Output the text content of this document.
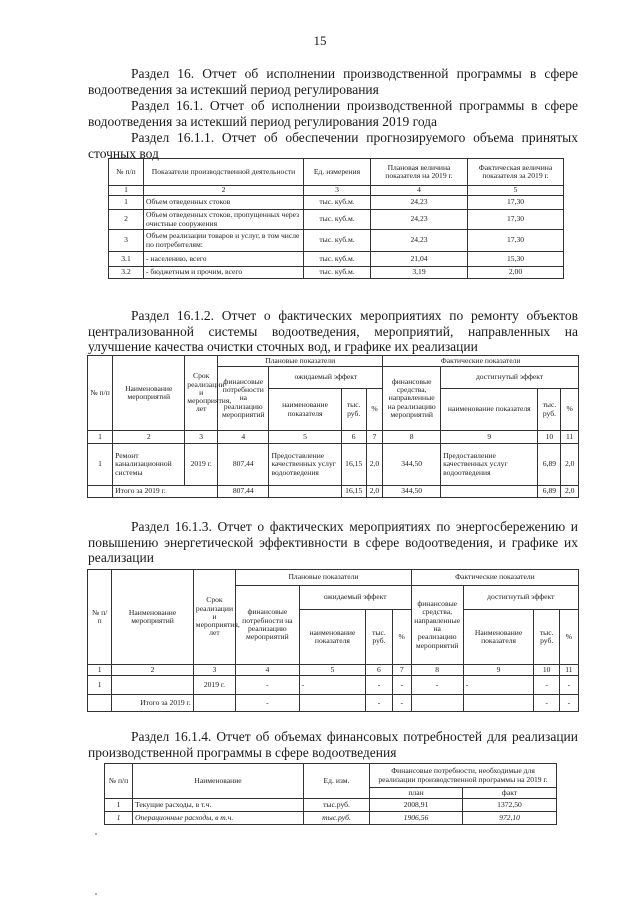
15
Раздел 16. Отчет об исполнении производственной программы в сфере водоотведения за истекший период регулирования
Раздел 16.1. Отчет об исполнении производственной программы в сфере водоотведения за истекший период регулирования 2019 года
Раздел 16.1.1. Отчет об обеспечении прогнозируемого объема принятых сточных вод
№ п/п	Показатели производственной деятельности	Ед. измерения	Плановая величина показателя на 2019 г.	Фактическая величина показателя за 2019 г.
1	2	3	4	5
1	Объем отведенных стоков	тыс. куб.м.	24,23	17,30
2	Объем отведенных стоков, пропущенных через очистные сооружения	тыс. куб.м.	24,23	17,30
3	Объем реализации товаров и услуг, в том числе по потребителям:	тыс. куб.м.	24,23	17,30
3.1	- населению, всего	тыс. куб.м.	21,04	15,30
3.2	- бюджетным и прочим, всего	тыс. куб.м.	3,19	2,00
Раздел 16.1.2. Отчет о фактических мероприятиях по ремонту объектов централизованной системы водоотведения, мероприятий, направленных на улучшение качества очистки сточных вод, и графике их реализации
№ п/п	Наименование мероприятий	Срок реализации и мероприятия, лет	Плановые показатели				Фактические показатели			
			финансовые потребности на реализацию мероприятий	ожидаемый эффект			финансовые средства, направленные на реализацию мероприятий	достигнутый эффект		
				наименование показателя	тыс. руб.	%		наименование показателя	тыс. руб.	%
1	2	3	4	5	6	7	8	9	10	11
1	Ремонт канализационной системы	2019 г.	807,44	Предоставление качественных услуг водоотведения	16,15	2,0	344,50	Предоставление качественных услуг водоотведения	6,89	2,0
	Итого за 2019 г.		807,44		16,15	2,0	344,50		6,89	2,0
Раздел 16.1.3. Отчет о фактических мероприятиях по энергосбережению и повышению энергетической эффективности в сфере водоотведения, и графике их реализации
№ п/п	Наименование мероприятий	Срок реализации и мероприятия, лет	Плановые показатели				Фактические показатели			
			финансовые потребности на реализацию мероприятий	ожидаемый эффект			финансовые средства, направленные на реализацию мероприятий	достигнутый эффект		
				наименование показателя	тыс. руб.	%		Наименование показателя	тыс. руб.	%
1	2	3	4	5	6	7	8	9	10	11
1		2019 г.	-	-	-	-	-	-	-	-
	Итого за 2019 г.		-		-	-			-	-
Раздел 16.1.4. Отчет об объемах финансовых потребностей для реализации производственной программы в сфере водоотведения
№ п/п	Наименование	Ед. изм.	Финансовые потребности, необходимые для реализации производственной программы на 2019 г.	
			план	факт
1	Текущие расходы, в т.ч.	тыс.руб.	2008,91	1372,50
1	Операционные расходы, в т.ч.	тыс.руб.	1906,56	972,10
